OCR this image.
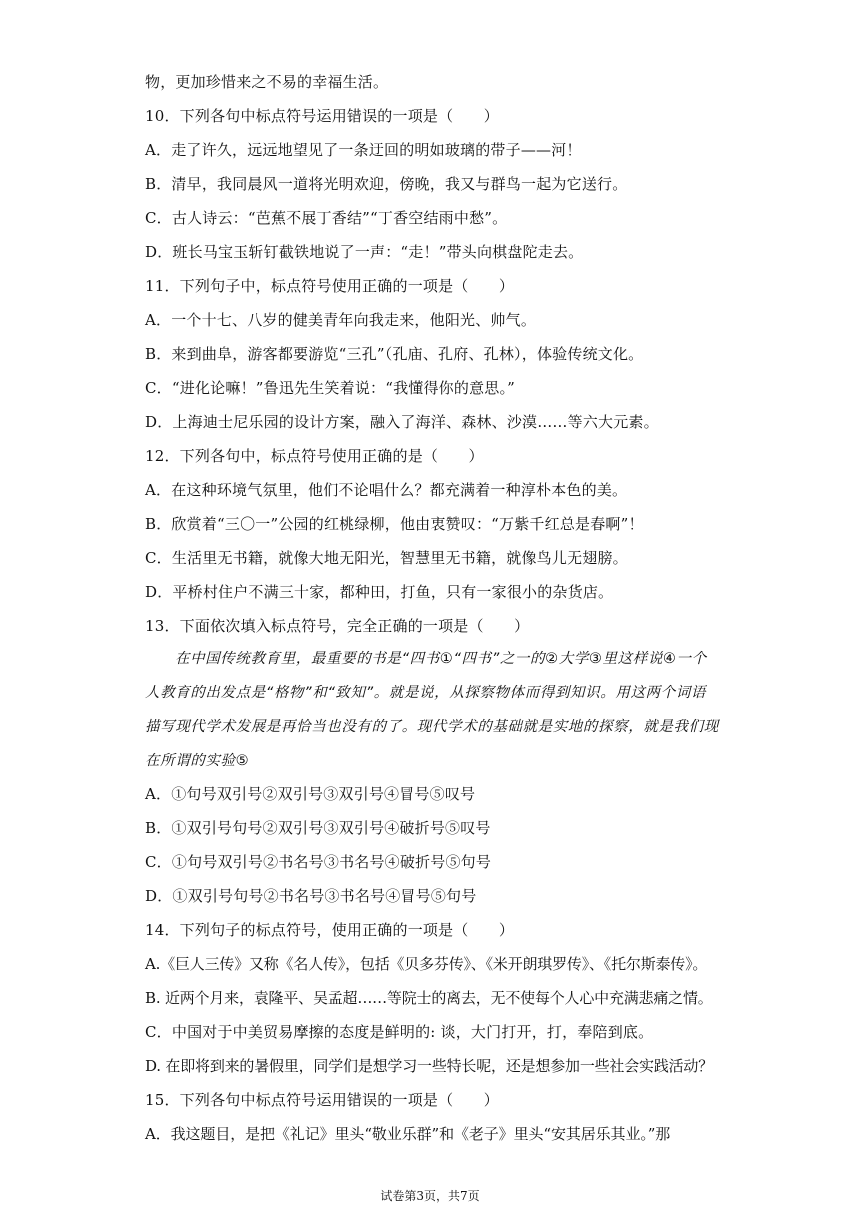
物，更加珍惜来之不易的幸福生活。
10．下列各句中标点符号运用错误的一项是（　　）
A．走了许久，远远地望见了一条迂回的明如玻璃的带子——河！
B．清早，我同晨风一道将光明欢迎，傍晚，我又与群鸟一起为它送行。
C．古人诗云：“芭蕉不展丁香结”“丁香空结雨中愁”。
D．班长马宝玉斩钉截铁地说了一声：“走！”带头向棋盘陀走去。
11．下列句子中，标点符号使用正确的一项是（　　）
A．一个十七、八岁的健美青年向我走来，他阳光、帅气。
B．来到曲阜，游客都要游览“三孔”（孔庙、孔府、孔林），体验传统文化。
C．“进化论嘛！”鲁迅先生笑着说：“我懂得你的意思。”
D．上海迪士尼乐园的设计方案，融入了海洋、森林、沙漠……等六大元素。
12．下列各句中，标点符号使用正确的是（　　）
A．在这种环境气氛里，他们不论唱什么？都充满着一种淳朴本色的美。
B．欣赏着“三〇一”公园的红桃绿柳，他由衷赞叹：“万紫千红总是春啊”！
C．生活里无书籍，就像大地无阳光，智慧里无书籍，就像鸟儿无翅膀。
D．平桥村住户不满三十家，都种田，打鱼，只有一家很小的杂货店。
13．下面依次填入标点符号，完全正确的一项是（　　）
在中国传统教育里，最重要的书是“四书①“四书”之一的②大学③里这样说④一个人教育的出发点是“格物”和“致知”。就是说，从探察物体而得到知识。用这两个词语描写现代学术发展是再恰当也没有的了。现代学术的基础就是实地的探察，就是我们现在所谓的实验⑤
A．①句号双引号②双引号③双引号④冒号⑤叹号
B．①双引号句号②双引号③双引号④破折号⑤叹号
C．①句号双引号②书名号③书名号④破折号⑤句号
D．①双引号句号②书名号③书名号④冒号⑤句号
14．下列句子的标点符号，使用正确的一项是（　　）
A.《巨人三传》又称《名人传》，包括《贝多芬传》、《米开朗琪罗传》、《托尔斯泰传》。
B. 近两个月来，袁隆平、吴孟超……等院士的离去，无不使每个人心中充满悲痛之情。
C．中国对于中美贸易摩擦的态度是鲜明的: 谈，大门打开，打，奉陪到底。
D. 在即将到来的暑假里，同学们是想学习一些特长呢，还是想参加一些社会实践活动？
15．下列各句中标点符号运用错误的一项是（　　）
A．我这题目，是把《礼记》里头“敬业乐群”和《老子》里头“安其居乐其业。”那
试卷第3页，共7页
